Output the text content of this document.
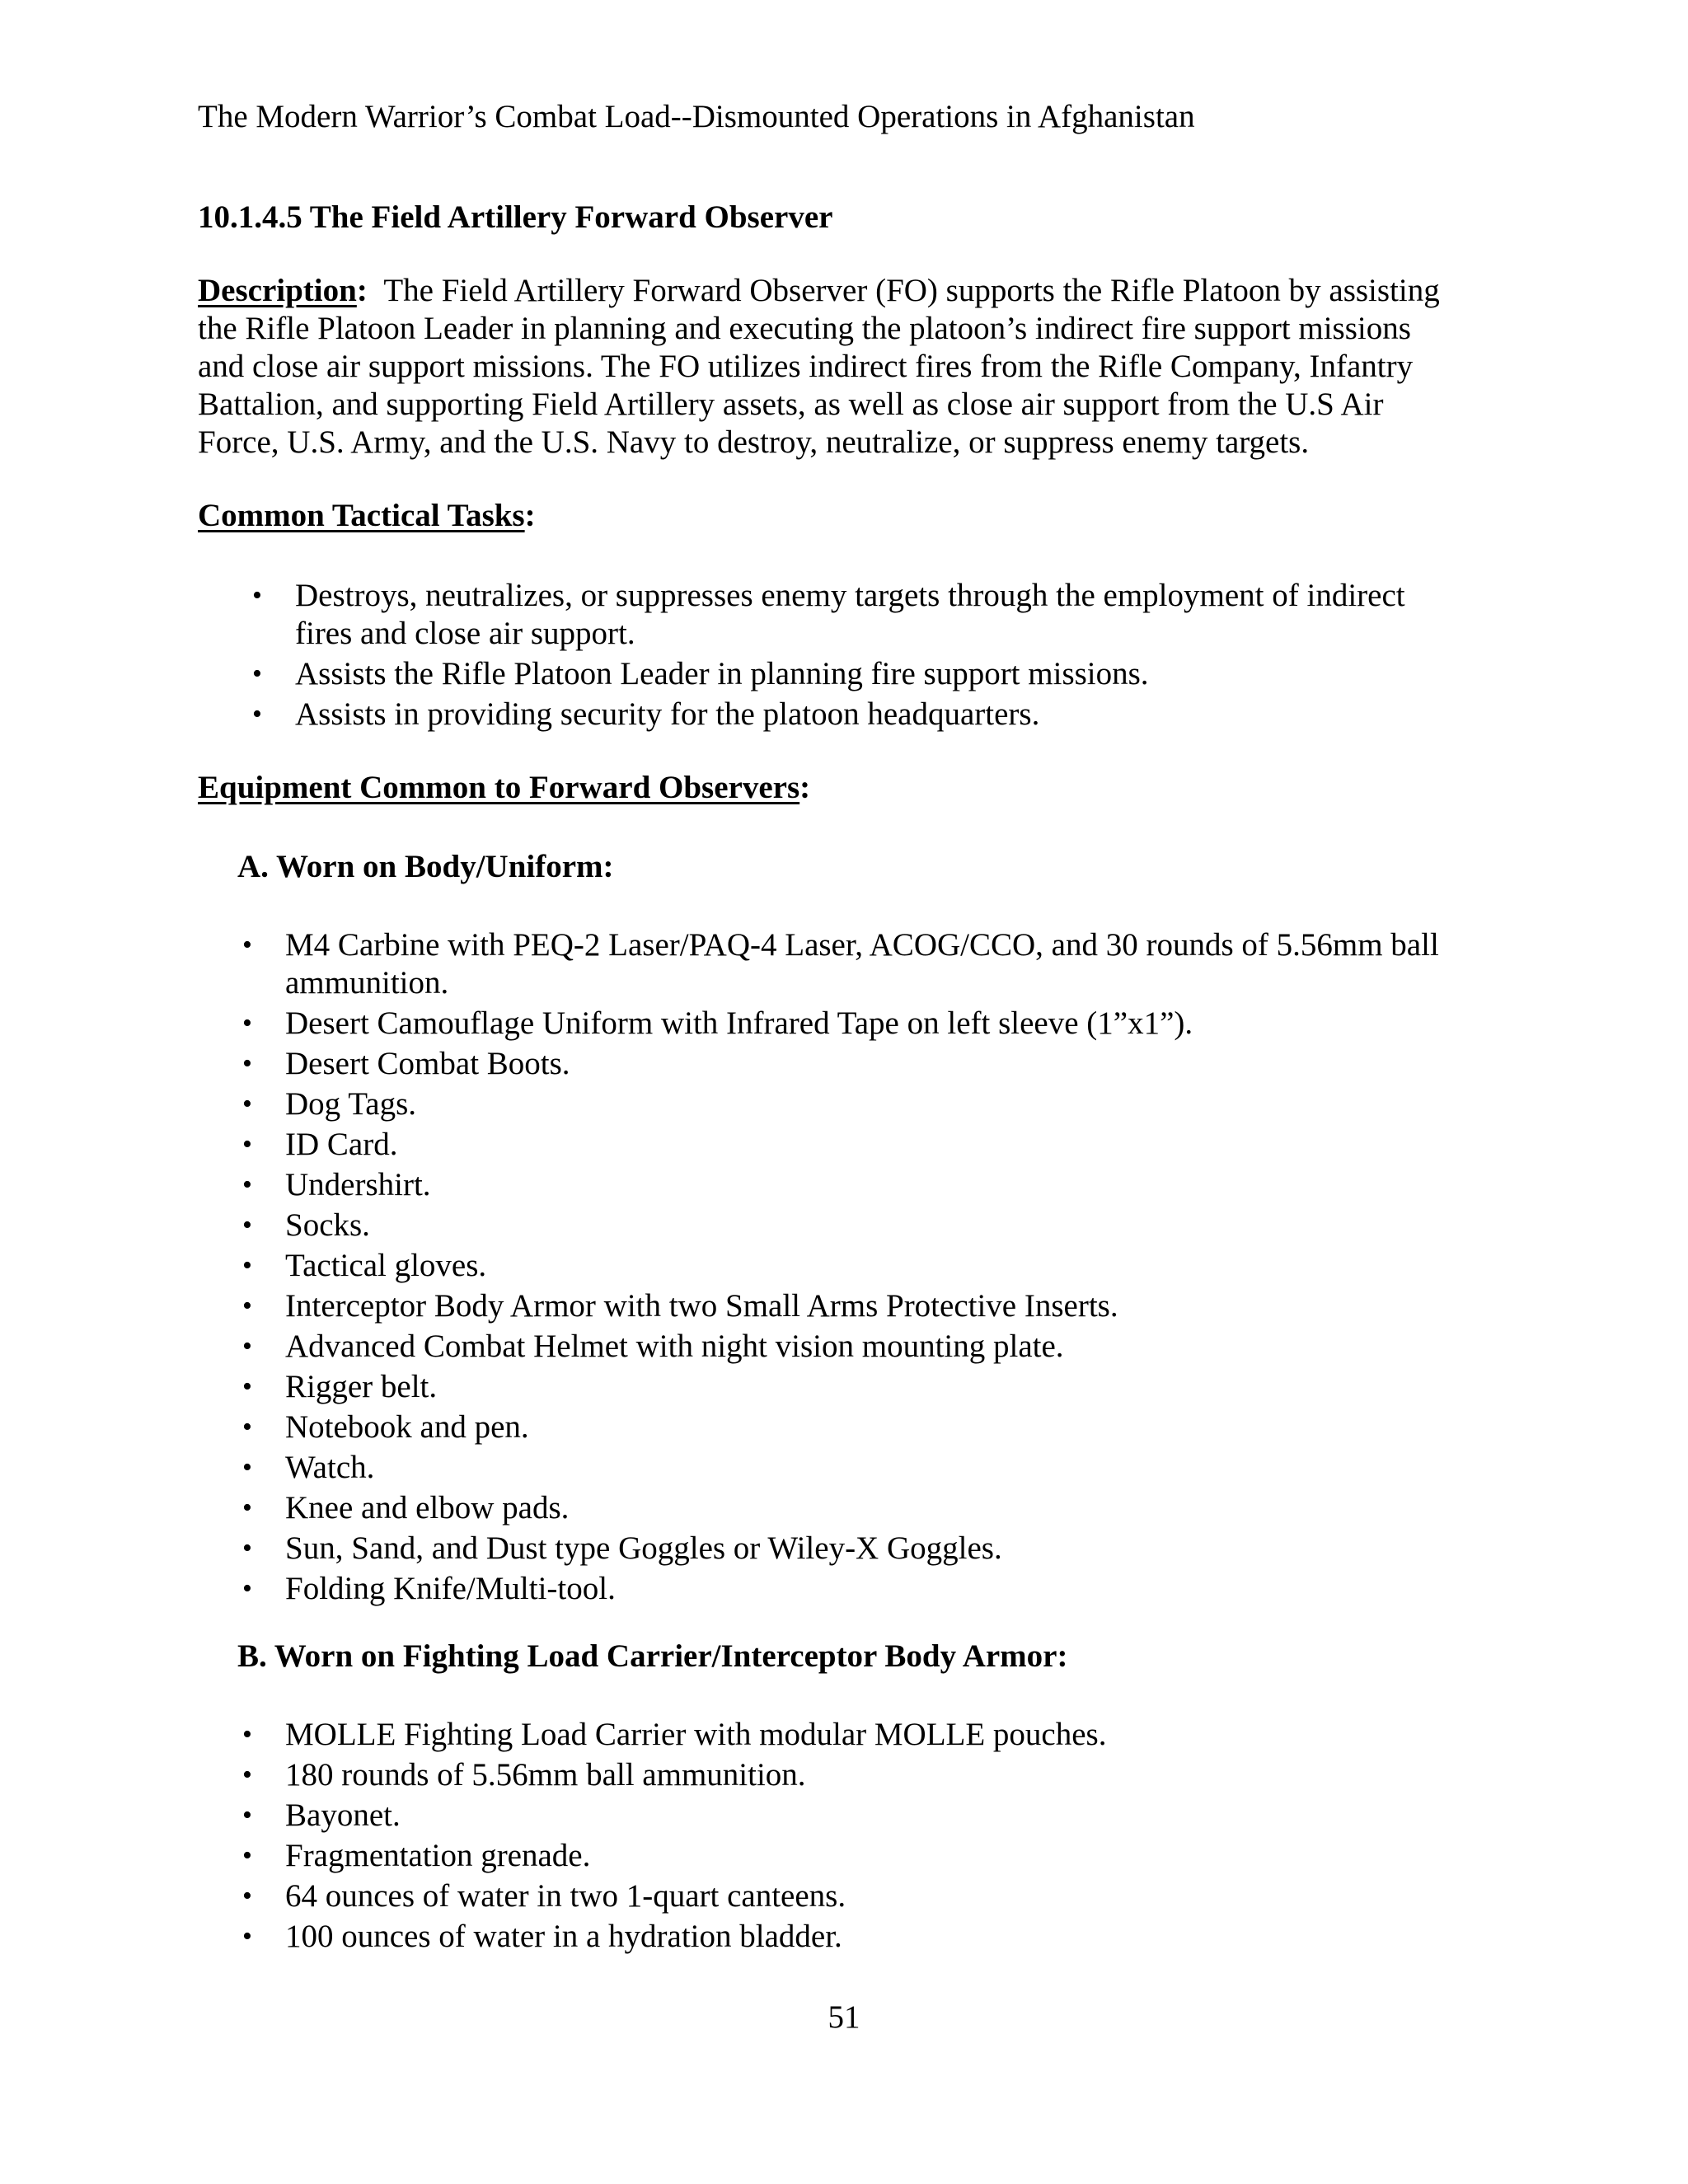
The Modern Warrior’s Combat Load--Dismounted Operations in Afghanistan
10.1.4.5 The Field Artillery Forward Observer
Description: The Field Artillery Forward Observer (FO) supports the Rifle Platoon by assisting
the Rifle Platoon Leader in planning and executing the platoon’s indirect fire support missions
and close air support missions. The FO utilizes indirect fires from the Rifle Company, Infantry
Battalion, and supporting Field Artillery assets, as well as close air support from the U.S Air
Force, U.S. Army, and the U.S. Navy to destroy, neutralize, or suppress enemy targets.
Common Tactical Tasks:
• Destroys, neutralizes, or suppresses enemy targets through the employment of indirect
fires and close air support.
• Assists the Rifle Platoon Leader in planning fire support missions.
• Assists in providing security for the platoon headquarters.
Equipment Common to Forward Observers:
A. Worn on Body/Uniform:
• M4 Carbine with PEQ-2 Laser/PAQ-4 Laser, ACOG/CCO, and 30 rounds of 5.56mm ball
ammunition.
• Desert Camouflage Uniform with Infrared Tape on left sleeve (1”x1”).
• Desert Combat Boots.
• Dog Tags.
• ID Card.
• Undershirt.
• Socks.
• Tactical gloves.
• Interceptor Body Armor with two Small Arms Protective Inserts.
• Advanced Combat Helmet with night vision mounting plate.
• Rigger belt.
• Notebook and pen.
• Watch.
• Knee and elbow pads.
• Sun, Sand, and Dust type Goggles or Wiley-X Goggles.
• Folding Knife/Multi-tool.
B. Worn on Fighting Load Carrier/Interceptor Body Armor:
• MOLLE Fighting Load Carrier with modular MOLLE pouches.
• 180 rounds of 5.56mm ball ammunition.
• Bayonet.
• Fragmentation grenade.
• 64 ounces of water in two 1-quart canteens.
• 100 ounces of water in a hydration bladder.
51
